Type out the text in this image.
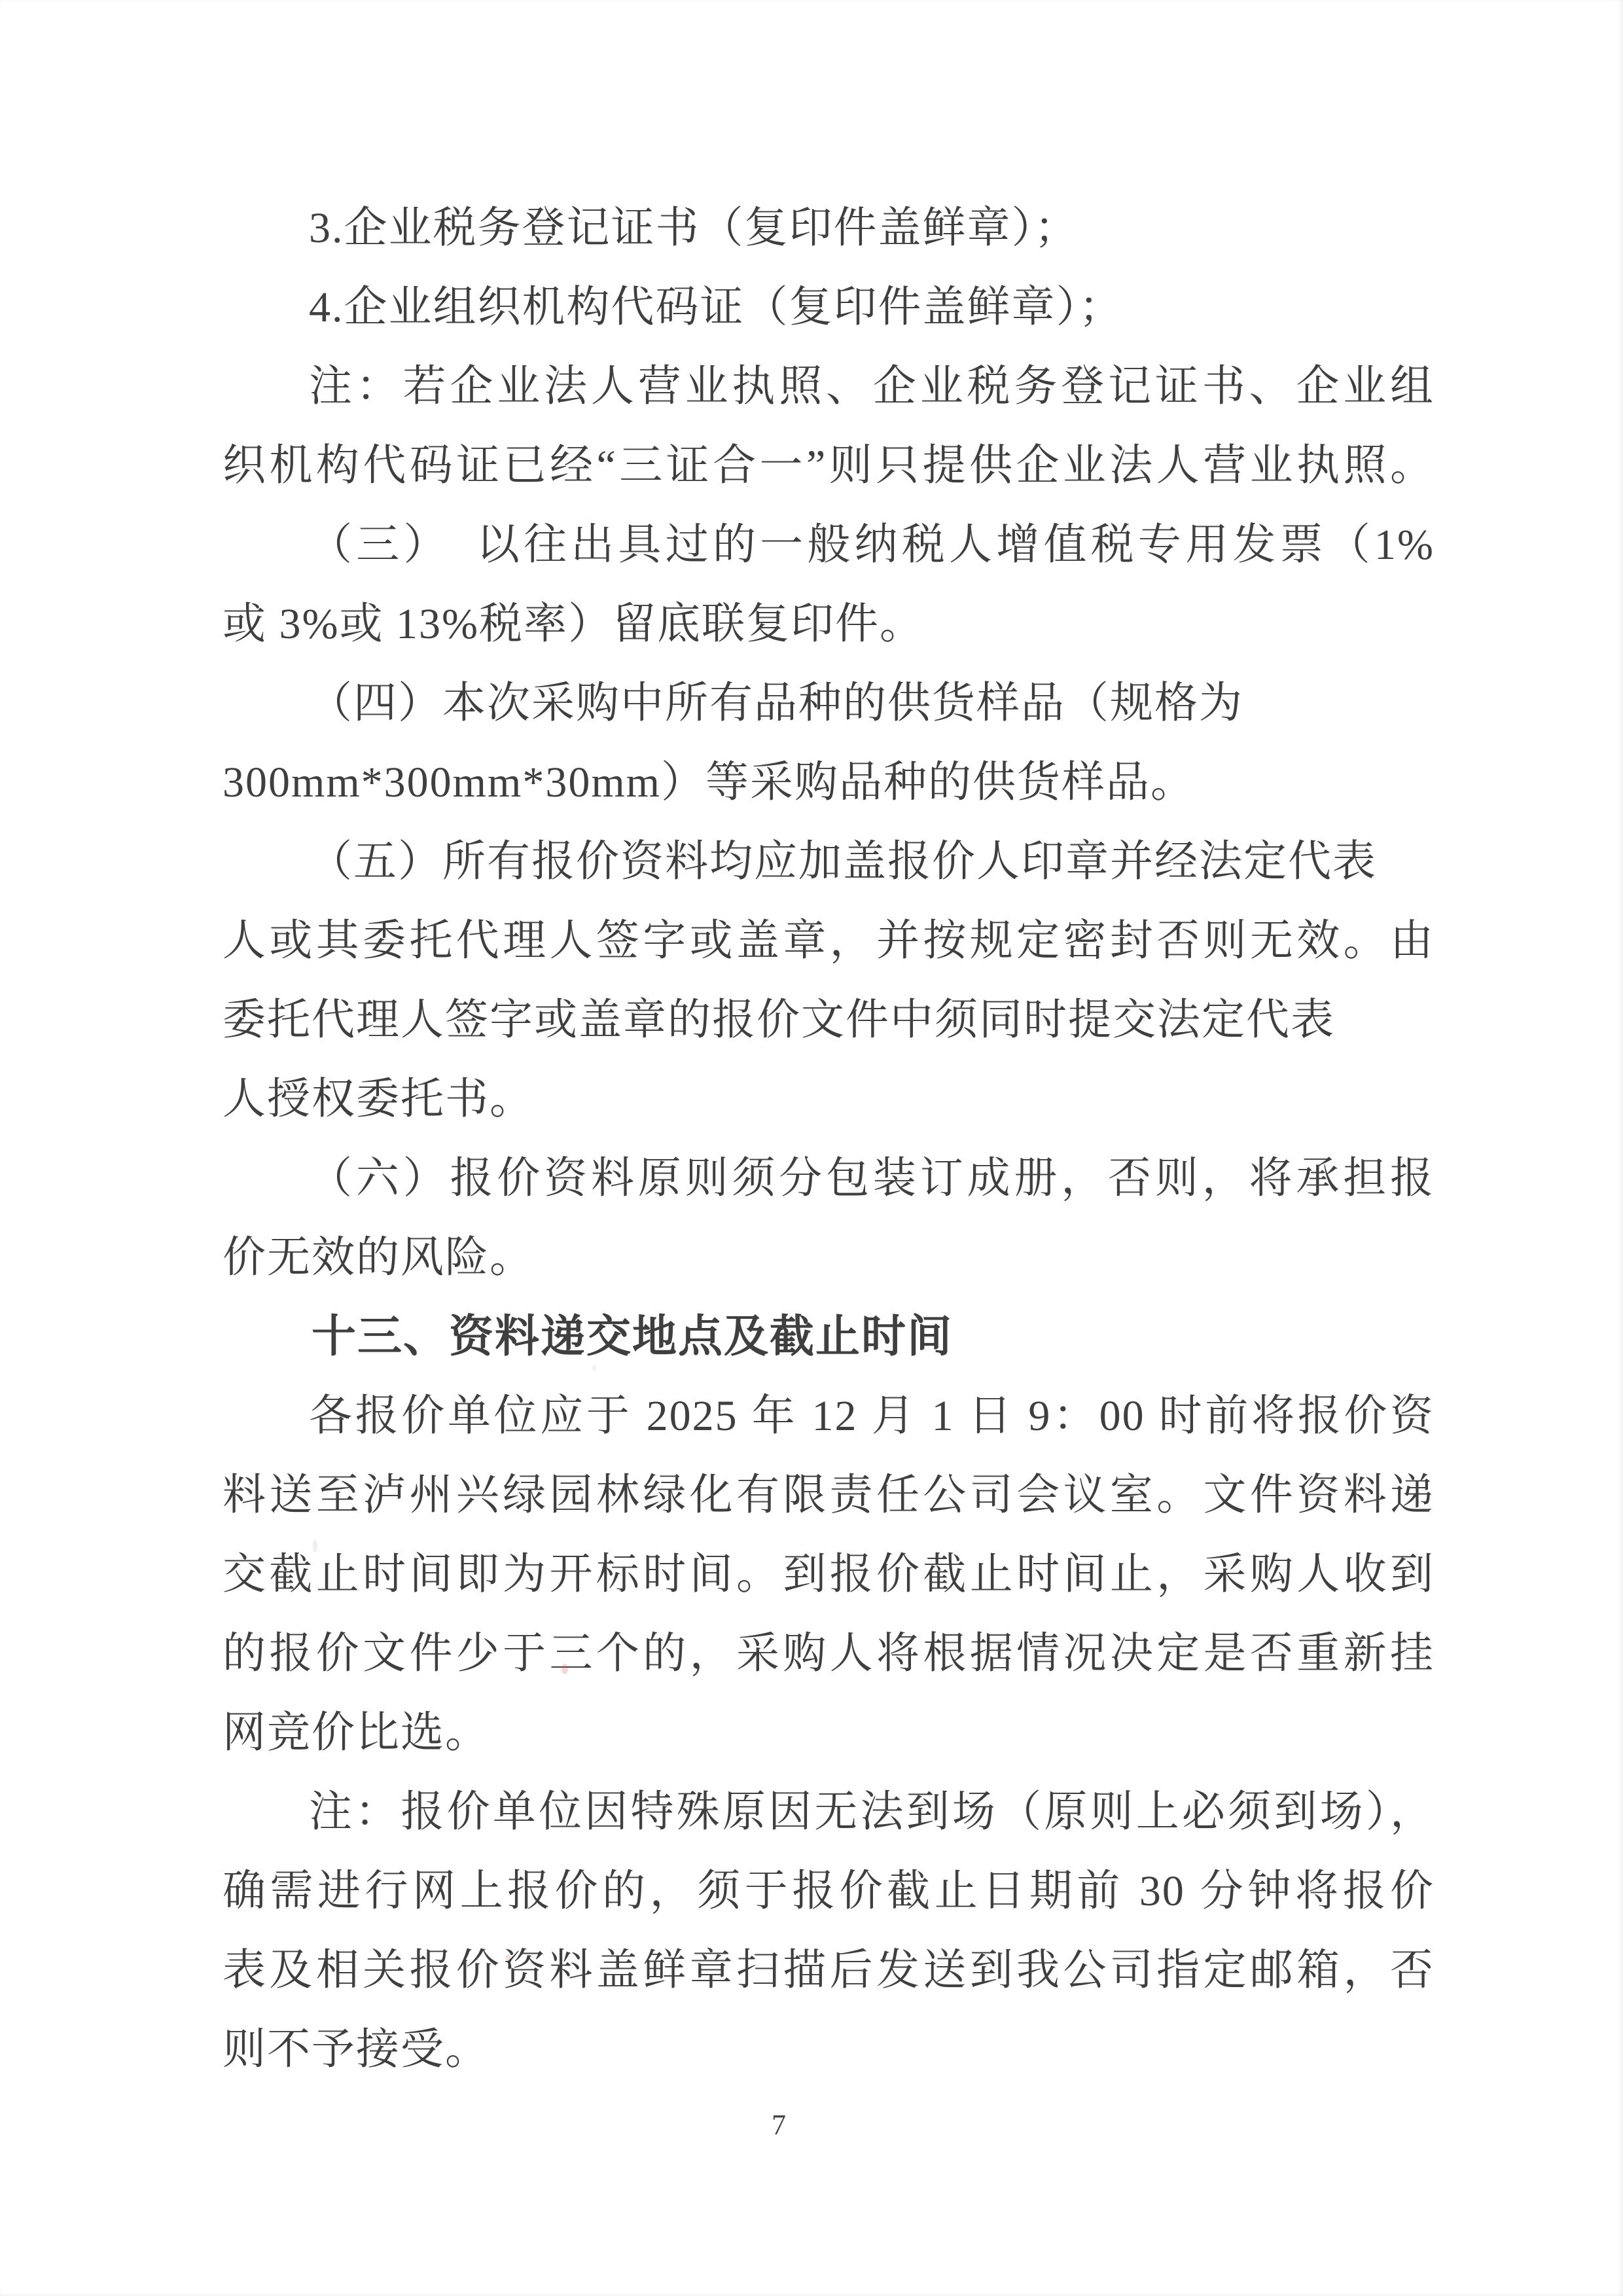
3.企业税务登记证书（复印件盖鲜章）；
4.企业组织机构代码证（复印件盖鲜章）；
注：若企业法人营业执照、企业税务登记证书、企业组
织机构代码证已经“三证合一”则只提供企业法人营业执照。
（三）　以往出具过的一般纳税人增值税专用发票（1%
或 3%或 13%税率）留底联复印件。
（四）本次采购中所有品种的供货样品（规格为
300mm*300mm*30mm）等采购品种的供货样品。
（五）所有报价资料均应加盖报价人印章并经法定代表
人或其委托代理人签字或盖章，并按规定密封否则无效。由
委托代理人签字或盖章的报价文件中须同时提交法定代表
人授权委托书。
（六）报价资料原则须分包装订成册，否则，将承担报
价无效的风险。
十三、资料递交地点及截止时间
各报价单位应于 2025 年 12 月 1 日 9：00 时前将报价资
料送至泸州兴绿园林绿化有限责任公司会议室。文件资料递
交截止时间即为开标时间。到报价截止时间止，采购人收到
的报价文件少于三个的，采购人将根据情况决定是否重新挂
网竞价比选。
注：报价单位因特殊原因无法到场（原则上必须到场），
确需进行网上报价的，须于报价截止日期前 30 分钟将报价
表及相关报价资料盖鲜章扫描后发送到我公司指定邮箱，否
则不予接受。
7
